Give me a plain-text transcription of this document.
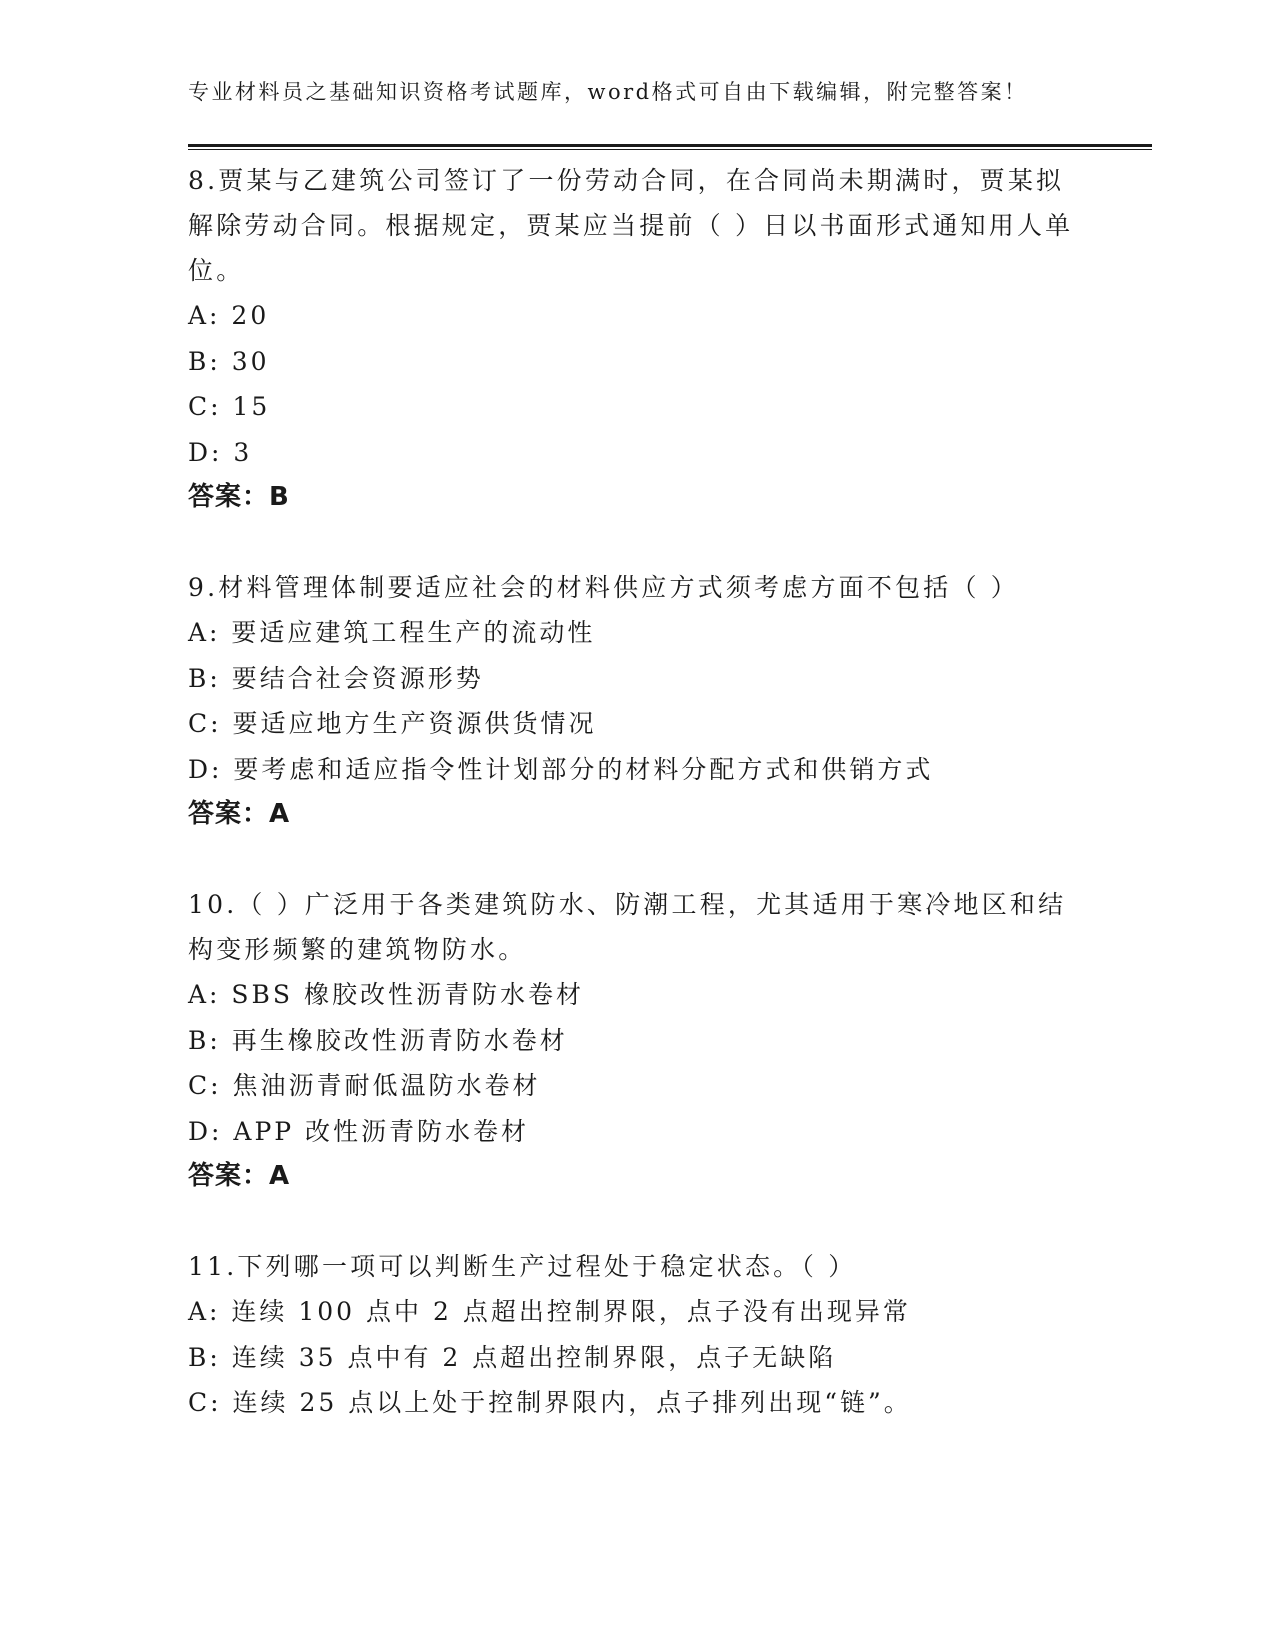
专业材料员之基础知识资格考试题库，word格式可自由下载编辑，附完整答案！

8.贾某与乙建筑公司签订了一份劳动合同，在合同尚未期满时，贾某拟解除劳动合同。根据规定，贾某应当提前（ ）日以书面形式通知用人单位。

A: 20

B: 30

C: 15

D: 3

答案：B

9.材料管理体制要适应社会的材料供应方式须考虑方面不包括（ ）

A: 要适应建筑工程生产的流动性

B: 要结合社会资源形势

C: 要适应地方生产资源供货情况

D: 要考虑和适应指令性计划部分的材料分配方式和供销方式

答案：A

10.（ ）广泛用于各类建筑防水、防潮工程，尤其适用于寒冷地区和结构变形频繁的建筑物防水。

A: SBS 橡胶改性沥青防水卷材

B: 再生橡胶改性沥青防水卷材

C: 焦油沥青耐低温防水卷材

D: APP 改性沥青防水卷材

答案：A

11.下列哪一项可以判断生产过程处于稳定状态。（ ）

A: 连续 100 点中 2 点超出控制界限，点子没有出现异常

B: 连续 35 点中有 2 点超出控制界限，点子无缺陷

C: 连续 25 点以上处于控制界限内，点子排列出现“链”。
